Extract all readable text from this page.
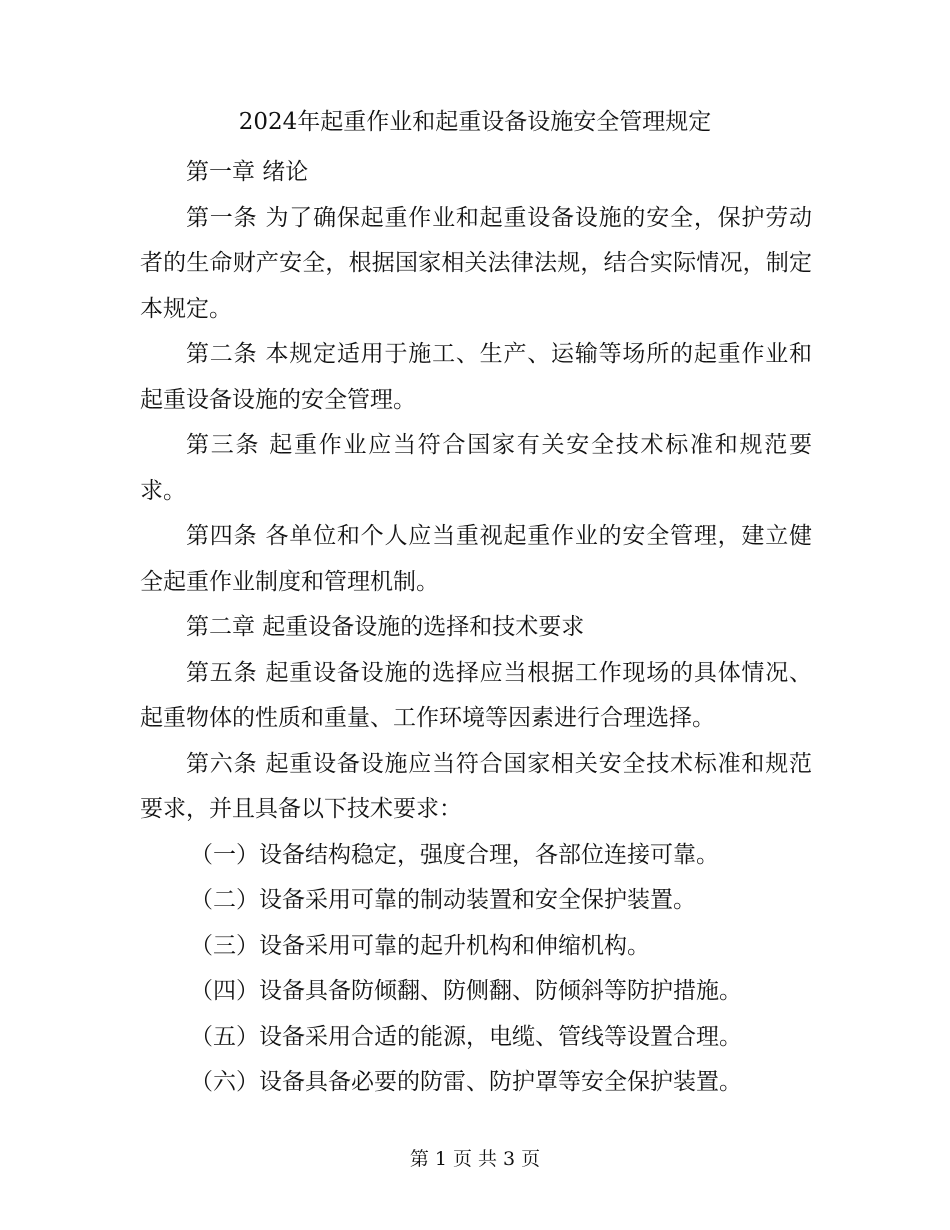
2024年起重作业和起重设备设施安全管理规定

第一章 绪论

第一条 为了确保起重作业和起重设备设施的安全，保护劳动者的生命财产安全，根据国家相关法律法规，结合实际情况，制定本规定。

第二条 本规定适用于施工、生产、运输等场所的起重作业和起重设备设施的安全管理。

第三条 起重作业应当符合国家有关安全技术标准和规范要求。

第四条 各单位和个人应当重视起重作业的安全管理，建立健全起重作业制度和管理机制。

第二章 起重设备设施的选择和技术要求

第五条 起重设备设施的选择应当根据工作现场的具体情况、起重物体的性质和重量、工作环境等因素进行合理选择。

第六条 起重设备设施应当符合国家相关安全技术标准和规范要求，并且具备以下技术要求：

（一）设备结构稳定，强度合理，各部位连接可靠。

（二）设备采用可靠的制动装置和安全保护装置。

（三）设备采用可靠的起升机构和伸缩机构。

（四）设备具备防倾翻、防侧翻、防倾斜等防护措施。

（五）设备采用合适的能源，电缆、管线等设置合理。

（六）设备具备必要的防雷、防护罩等安全保护装置。

第 1 页 共 3 页
